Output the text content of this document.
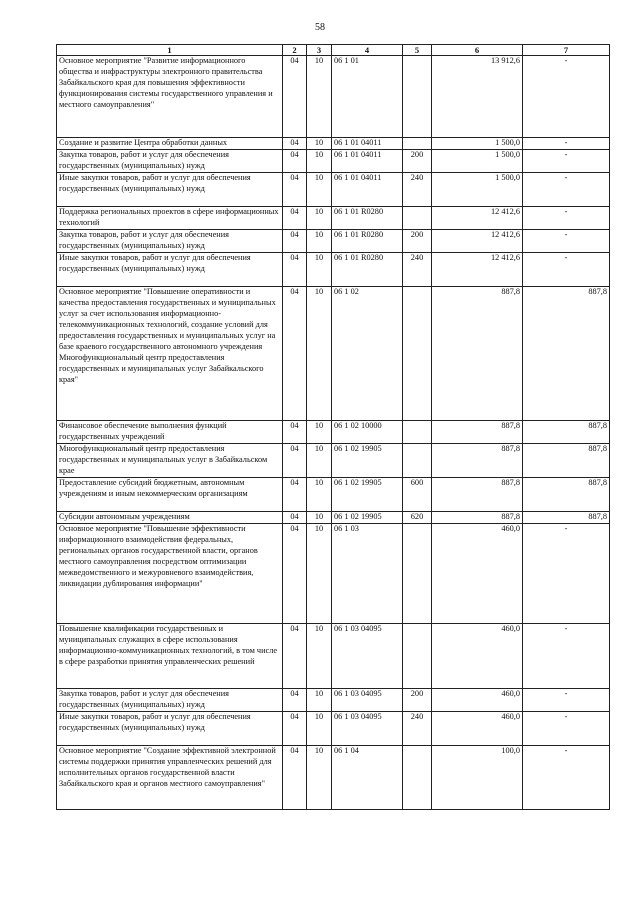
58
1	2	3	4	5	6	7
Основное мероприятие "Развитие информационного общества и инфраструктуры электронного правительства Забайкальского края для повышения эффективности функционирования системы государственного управления и местного самоуправления"	04	10	06 1 01		13 912,6	-
Создание и развитие Центра обработки данных	04	10	06 1 01 04011		1 500,0	-
Закупка товаров, работ и услуг для обеспечения государственных (муниципальных) нужд	04	10	06 1 01 04011	200	1 500,0	-
Иные закупки товаров, работ и услуг для обеспечения государственных (муниципальных) нужд	04	10	06 1 01 04011	240	1 500,0	-
Поддержка региональных проектов в сфере информационных технологий	04	10	06 1 01 R0280		12 412,6	-
Закупка товаров, работ и услуг для обеспечения государственных (муниципальных) нужд	04	10	06 1 01 R0280	200	12 412,6	-
Иные закупки товаров, работ и услуг для обеспечения государственных (муниципальных) нужд	04	10	06 1 01 R0280	240	12 412,6	-
Основное мероприятие "Повышение оперативности и качества предоставления государственных и муниципальных услуг за счет использования информационно-телекоммуникационных технологий, создание условий для предоставления государственных и муниципальных услуг на базе краевого государственного автономного учреждения Многофункциональный центр предоставления государственных и муниципальных услуг Забайкальского края"	04	10	06 1 02		887,8	887,8
Финансовое обеспечение выполнения функций государственных учреждений	04	10	06 1 02 10000		887,8	887,8
Многофункциональный центр предоставления государственных и муниципальных услуг в Забайкальском крае	04	10	06 1 02 19905		887,8	887,8
Предоставление субсидий бюджетным, автономным учреждениям и иным некоммерческим организациям	04	10	06 1 02 19905	600	887,8	887,8
Субсидии автономным учреждениям	04	10	06 1 02 19905	620	887,8	887,8
Основное мероприятие "Повышение эффективности информационного взаимодействия федеральных, региональных органов государственной власти, органов местного самоуправления посредством оптимизации межведомственного и межуровневого взаимодействия, ликвидации дублирования информации"	04	10	06 1 03		460,0	-
Повышение квалификации государственных и муниципальных служащих в сфере использования информационно-коммуникационных технологий, в том числе в сфере разработки принятия управленческих решений	04	10	06 1 03 04095		460,0	-
Закупка товаров, работ и услуг для обеспечения государственных (муниципальных) нужд	04	10	06 1 03 04095	200	460,0	-
Иные закупки товаров, работ и услуг для обеспечения государственных (муниципальных) нужд	04	10	06 1 03 04095	240	460,0	-
Основное мероприятие "Создание эффективной электронной системы поддержки принятия управленческих решений для исполнительных органов государственной власти Забайкальского края и органов местного самоуправления"	04	10	06 1 04		100,0	-
